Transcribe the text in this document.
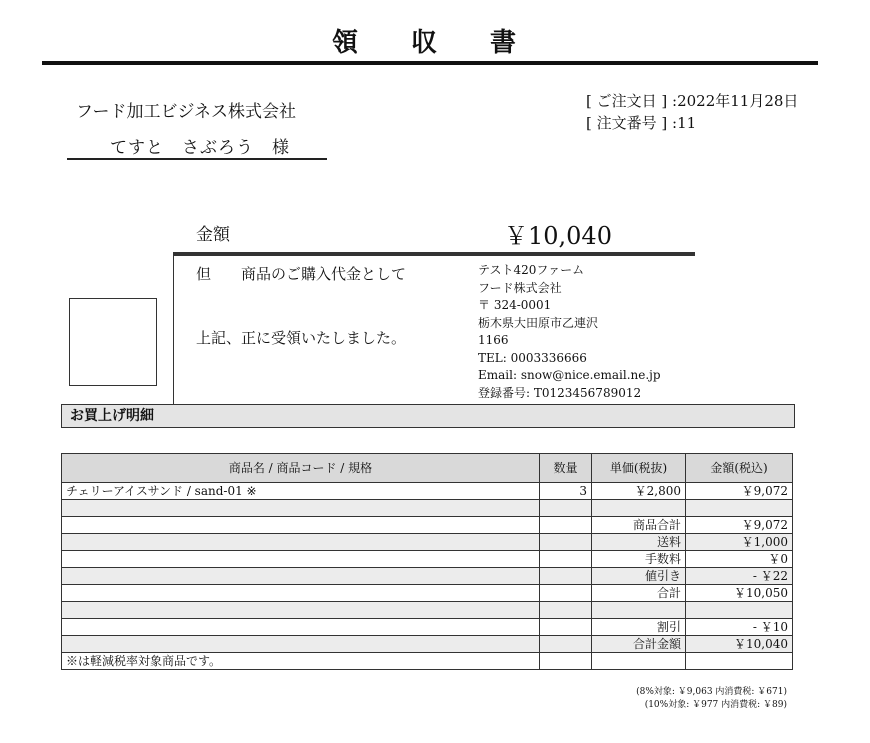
領 収 書
フード加工ビジネス株式会社
てすと　さぶろう　様
[ ご注文日 ] :2022年11月28日
[ 注文番号 ] :11
金額	￥10,040
但　　商品のご購入代金として
上記、正に受領いたしました。
テスト420ファーム
フード株式会社
〒 324-0001
栃木県大田原市乙連沢
1166
TEL: 0003336666
Email: snow@nice.email.ne.jp
登録番号: T0123456789012
お買上げ明細
商品名 / 商品コード / 規格	数量	単価(税抜)	金額(税込)
チェリーアイスサンド / sand-01 ※	3	￥2,800	￥9,072

		商品合計	￥9,072
		送料	￥1,000
		手数料	￥0
		値引き	- ￥22
		合計	￥10,050

		割引	- ￥10
		合計金額	￥10,040
※は軽減税率対象商品です。			
(8%対象: ￥9,063 内消費税: ￥671)
(10%対象: ￥977 内消費税: ￥89)
